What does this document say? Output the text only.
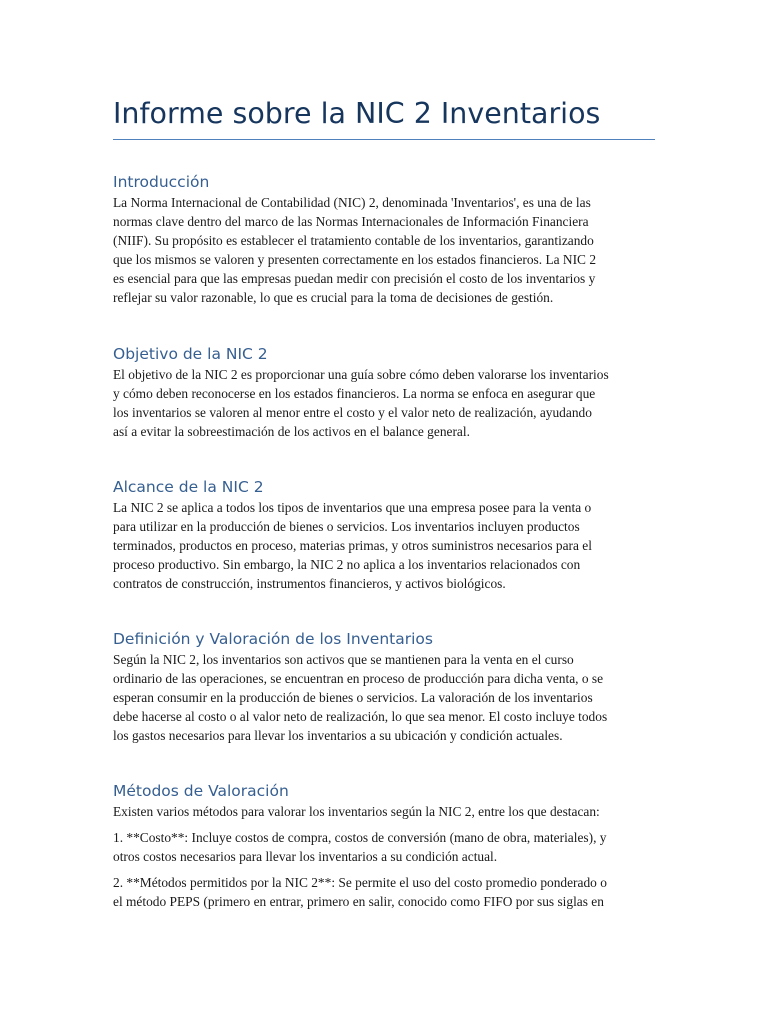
Informe sobre la NIC 2 Inventarios
Introducción

La Norma Internacional de Contabilidad (NIC) 2, denominada 'Inventarios', es una de las
normas clave dentro del marco de las Normas Internacionales de Información Financiera
(NIIF). Su propósito es establecer el tratamiento contable de los inventarios, garantizando
que los mismos se valoren y presenten correctamente en los estados financieros. La NIC 2
es esencial para que las empresas puedan medir con precisión el costo de los inventarios y
reflejar su valor razonable, lo que es crucial para la toma de decisiones de gestión.

Objetivo de la NIC 2

El objetivo de la NIC 2 es proporcionar una guía sobre cómo deben valorarse los inventarios
y cómo deben reconocerse en los estados financieros. La norma se enfoca en asegurar que
los inventarios se valoren al menor entre el costo y el valor neto de realización, ayudando
así a evitar la sobreestimación de los activos en el balance general.

Alcance de la NIC 2

La NIC 2 se aplica a todos los tipos de inventarios que una empresa posee para la venta o
para utilizar en la producción de bienes o servicios. Los inventarios incluyen productos
terminados, productos en proceso, materias primas, y otros suministros necesarios para el
proceso productivo. Sin embargo, la NIC 2 no aplica a los inventarios relacionados con
contratos de construcción, instrumentos financieros, y activos biológicos.

Definición y Valoración de los Inventarios

Según la NIC 2, los inventarios son activos que se mantienen para la venta en el curso
ordinario de las operaciones, se encuentran en proceso de producción para dicha venta, o se
esperan consumir en la producción de bienes o servicios. La valoración de los inventarios
debe hacerse al costo o al valor neto de realización, lo que sea menor. El costo incluye todos
los gastos necesarios para llevar los inventarios a su ubicación y condición actuales.

Métodos de Valoración

Existen varios métodos para valorar los inventarios según la NIC 2, entre los que destacan:

1. **Costo**: Incluye costos de compra, costos de conversión (mano de obra, materiales), y
otros costos necesarios para llevar los inventarios a su condición actual.

2. **Métodos permitidos por la NIC 2**: Se permite el uso del costo promedio ponderado o
el método PEPS (primero en entrar, primero en salir, conocido como FIFO por sus siglas en
